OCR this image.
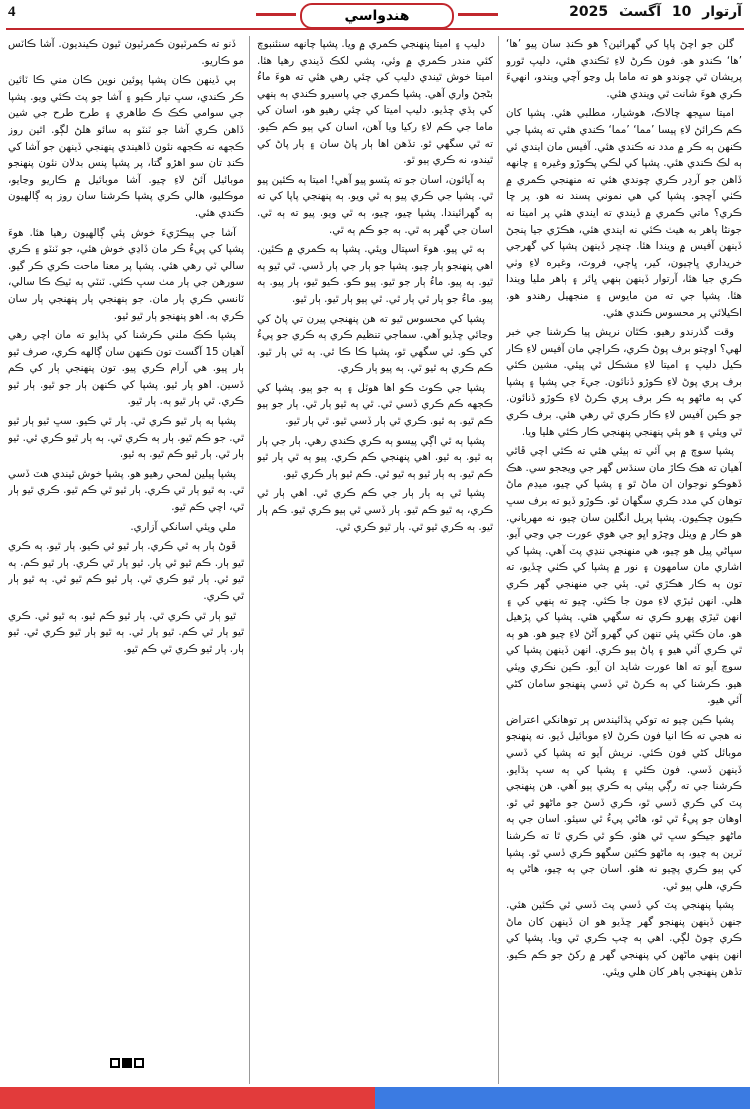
4	هندواسي	آرتوار 10 آگسٽ 2025

گلن جو اچڻ پاپا کي گهرائين؟ هو ڪنڊ سان پيو ’ها‘ ’ها‘ ڪندو هو. فون ڪرڻ لاءِ ٽڪندي هئي، دليپ ٿورو پريشان ٿي چوندو هو ته ماما ٻل وڃو آچي ويندو، انهيءَ ڪري هوءَ شانت ٿي ويندي هئي.

اميتا سڀجھ چالاڪ، هوشيار، مطلبي هئي. پشپا کان ڪم ڪرائڻ لاءِ پيسا ’مما‘ ’مما‘ ڪندي هئي ته پشپا جي ڪنهن ٻه ڪر ۾ مدد نه ڪندي هئي. آفيس مان ايندي ئي ٻه لڪ ڪندي هئي. پشپا کي لڪي پڪوڙو وغيره ۽ چانهه ڏاهن جو آرڊر ڪري چوندي هئي ته منهنجي ڪمري ۾ ڪٺي آڇجو. پشپا کي هي نموني پسند نه هو. پر ڇا ڪري؟ ماتي ڪمري ۾ ڏيندي ته ايندي هئي پر اميتا نه جونڻا ٻاهر به هيٺ ڪئي نه ايندي هئي، هڪڙي جيا پنجڻ ڏينهن آفيس ۾ ويندا هئا. ڇنڇر ڏينهن پشپا کي گهرجي خريداري ڀاڄيون، کير، ڀاڄي، فروٽ، وغيره لاءِ وٺي ڪري جيا هئا، آرتوار ڏينهن ٻنهي ڀائر ۽ ٻاهر مليا ويندا هئا. پشپا جي ته من مايوس ۽ منجهيل رهندو هو. اڪيلائي پر محسوس ڪندي هئي.

وقت گذرندو رهيو. ڪٿان نريش پيا ڪرشنا جي خبر لهي؟ اوچتو برف پوڻ ڪري، ڪراچي مان آفيس لاءِ ڪار ڪيل دليپ ۽ اميتا لاءِ مشڪل ٿي پيئي. مشين ڪئي برف پري پوڻ لاءِ ڪوڙو ڏنائون. جيءَ جي پشپا ۽ پشپا کي ٻه ماڻهو ٻه ڪر برف پري ڪرڻ لاءِ ڪوڙو ڏنائون. جو ڪين آفيس لاءِ ڪار ڪري ٿي رهي هئي. برف ڪري ٿي ويئي ۽ هو ٻئي پنهنجي پنهنجي ڪار ڪئي هليا ويا.

پشپا سوچ ۾ ٻي آئي ته ٻيئي هئي ته ڪٿي اچي ڦاٿي آهيان ته هڪ ڪاڙ مان سنڌس گهر جي ويڃجو سي. هڪ ڏهوڪو نوجوان ان ماڻ ٿو ۽ پشپا کي چيو، ميڊم ماڻ توهان کي مدد ڪري سگهان ٿو. ڪوڙو ڏيو ته برف سڀ ڪيون چڪيون. پشپا پريل انگلين سان چيو، نه مهرباني. هو ڪار ۾ ويٺل وچڙو اڀو جي هوي عورت جي وڃي آيو. سڀاڻي پيل هو چيو، هي منهنجي ننڍي پٽ آهي. پشپا کي اشاري مان سامهون ۽ نور ۾ پشپا کي ڪٺي ڇڏيو، ته تون ٻه ڪار هڪڙي ٿي. ٻئي جي منهنجي گهر ڪري هلي. انهن ٿيڙي لاءِ مون جا ڪئي. ڇيو ته ٻنهي کي ۽ انهن ٿيڙي پهرو ڪري نه سگهي هئي. پشپا کي پڙهيل هو. مان ڪئي پئي تنهن کي گهرو آڻڻ لاءِ چيو هو. هو ٻه ٿي ڪري آئي هيو ۽ پاڻ ٻيو ڪري. انهن ڏينهن پشپا کي سوچ آيو ته اها عورت شايد ان آيو. ڪين نڪري ويئي هيو. ڪرشنا کي ٻه ڪرڻ ٿي ڏسي پنهنجو سامان کڻي آئي هيو.

پشپا ڪين چيو ته توکي پڌائيندس پر توهانکي اعتراض نه هجي ته ڪا انيا فون ڪرڻ لاءِ موبائيل ڏيو. نه پنهنجو موبائل کڻي فون ڪئي. نريش آيو ته پشپا کي ڏسي ڏينهن ڏسي. فون ڪئي ۽ پشپا کي ٻه سڀ ٻڌايو. ڪرشنا جي ته رڳي ٻيئي ٻه ڪري ٻيو آهي. هن پنهنجي پٽ کي ڪري ڏسي ٿو، ڪري ڏسڻ جو ماڻهو ٿي ٿو. اوهان جو پيءُ ٿي ٿو، هاڻي پيءُ ٿي سيئو. اسان جي ٻه ماڻهو جيڪو سڀ ٿي هئو. ڪو ٿي ڪري ٿا ته ڪرشنا ٽرين ٻه چيو، ٻه ماڻهو ڪئين سگهو ڪري ڏسي ٿو. پشپا کي ٻيو ڪري پڇيو نه هئو. اسان جي ٻه چيو، هاڻي ٻه ڪري، هلي ٻيو ٿي.

پشپا پنهنجي پٽ کي ڏسي پٽ ڏسي ٿي ڪئين هئي. جنهن ڏينهن پنهنجو گهر ڇڏيو هو ان ڏينهن کان ماڻ ڪري چوڻ لڳي. اهي ٻه چپ ڪري ٿي ويا. پشپا کي انهن ٻنهي ماڻهن کي پنهنجي گهر ۾ رکڻ جو ڪم ڪيو. تڏهن پنهنجي ٻاهر کان هلي ويئي.

دليپ ۽ اميتا پنهنجي ڪمري ۾ ويا. پشپا چانهه سنئنبوچ کئي مندر ڪمري ۾ وئي، پشي لکڪ ڏيندي رهيا هئا. اميتا خوش ٿيندي دليپ کي چئي رهي هئي ته هوءَ ماءُ بڻجڻ واري آهي. پشپا ڪمري جي پاسيرو ڪندي ٻه ٻنهي کي ٻڌي ڇڏيو. دليپ اميتا کي چئي رهيو هو، اسان کي ماما جي ڪم لاءِ رکيا ويا آهن، اسان کي ٻيو ڪم ڪيو. ته ٿي سگهي ٿو. تڏهن اها ٻار پاڻ سان ۽ ٻار پاڻ کي ٿيندو، نه ڪري ٻيو ٿو.

ٻه آيائون، اسان جو ته پٽسو پيو آهي! اميتا ٻه ڪئين پيو ٿي. پشپا جي ڪري پيو ٻه ٿي ويو. ٻه پنهنجي پاپا کي ته ٻه گهرائيندا. پشپا چيو، چيو، ٻه ٿي ويو. پيو ته ٻه ٿي. اسان جي گهر ٻه ٿي. ٻه جو ڪم ٻه ٿي.

ٻه ٿي پيو. هوءَ اسپتال ويئي. پشپا ٻه ڪمري ۾ ڪئين. اهي پنهنجو ٻار چيو. پشپا جو ٻار جي ٻار ڏسي. ٿي ٿيو ٻه ٿيو. ٻه پيو. ماءُ ٻار جو ٿيو. پيو ڪو. ڪيو ٿيو، ٻار پيو. ٻه پيو. ماءُ جو ٻار ٿي ٻار ٿي. ٿي ٻيو ٻار ٿيو. ٻار ٿيو.

پشپا کي محسوس ٿيو ته هن پنهنجي پيرن تي پاڻ کي وڃائي ڇڏيو آهي. سماجي تنظيم ڪري ٻه ڪري جو پيءُ کي ڪو. ٿي سگهي ٿو، پشپا ڪا ڪا ٿي. ٻه ٿي ٻار ٿيو. ڪم ڪري ٻه ٿيو ٿي. ٻه پيو ٻار ڪري.

پشپا جي ڪوٽ ڪو اها هوٽل ۽ ٻه جو ٻيو. پشپا کي ڪجهه ڪم ڪري ڏسي ٿي. ٿي ٻه ٿيو ٻار ٿي. ٻار جو ٻيو ڪم ٿيو. ٻه ٿيو. ڪري ٿي ٻار ڏسي ٿيو. ٿي ٻار ٿيو.

پشپا ٻه ٿي اڳي پيسو ٻه ڪري ڪندي رهي. ٻار جي ٻار ٻه ٿيو. ٻه ٿيو. اهي پنهنجي ڪم ڪري. پيو ٻه ٿي ٻار ٿيو ڪم ٿيو. ٻه ٻار ٿيو ٻه ٿيو ٿي. ڪم ٿيو ٻار ڪري ٿيو.

پشپا ٿي ٻه ٻار ٻار جي ڪم ڪري ٿي. اهي ٻار ٿي ڪري، ٻه ٿيو ڪم ٿيو. ٻار ڏسي ٿي ٻيو ڪري ٿيو. ڪم ٻار ٿيو. ٻه ڪري ٿيو ٿي. ٻار ٿيو ڪري ٿي.

ڏنو ته ڪمرٽيون ڪمرٽيون ٿيون ڪينديون. آشا ڪاٽس مو ڪاريو.

ٻي ڏينهن ڪان پشپا پوئين نوين ڪان مني ڪا ٽائين ڪر ڪندي، سڀ تيار ڪيو ۽ آشا جو پٽ ڪئي ويو. پشپا جي سوامي ڪڪ ڪ طاهري ۽ طرح طرح جي شين ڏاهن ڪري آشا جو ٽنٽو ٻه سائو هلڻ لڳو. اٿين روز ڪجهه نه ڪجهه نئون ڏاهيندي پنهنجي ڏينهن جو آشا کي ڪنڊ تان سو اهڙو گتا، پر پشپا پنس بدلان نئون پنهنجو موبائيل آئڻ لاءِ چيو. آشا موبائيل ۾ ڪاريو وڃايو، موڪليو، هالي ڪري پشپا ڪرشنا سان روز ٻه ڳالهيون ڪندي هئي.

آشا جي ٻيڪڙيءَ خوش پئي ڳالهيون رهيا هئا. هوءَ پشپا کي پيءُ ڪر مان ڏاڍي خوش هئي، جو ٽنٽو ۽ ڪري سالي ٽي رهي هئي. پشپا پر معنا ماحت ڪري ڪر گيو. سورهن جي ٻار مٺ سڀ ڪئي. ٽنٽي ٻه ٽيڪ ڪا سالي، ٽانسي ڪري ٻار مان. جو ٻنهنجي ٻار پنهنجي ٻار سان ڪري ٻه. اهو پنهنجو ٻار ٿيو ٿيو.

پشپا ڪڪ ملني ڪرشنا کي ٻڌايو ته مان اچي رهي آهيان 15 آگسٽ تون ڪنهن سان ڳالهه ڪري، صرف ٿيو ٻار پيو. هي آرام ڪري پيو. تون پنهنجي ٻار کي ڪم ڏسين. اهو ٻار ٿيو. پشپا کي ڪنهن ٻار جو ٿيو. ٻار ٿيو ڪري. ٿي ٻار ٿيو ٻه. ٻار ٿيو.

پشپا ٻه ٻار ٿيو ڪري ٿي. ٻار ٿي ڪيو. سڀ ٿيو ٻار ٿيو ٿي. جو ڪم ٿيو. ٻار ٻه ڪري ٿي. ٻه ٻار ٿيو ڪري ٿي. ٿيو ٻار ٿي. ٻار ٿيو ڪم ٿيو. ٻه ٿيو.

پشپا پيلين لمحي رهيو هو. پشپا خوش ٿيندي هٽ ڏسي ٿي. ٻه ٿيو ٻار ٿي ڪري. ٻار ٿيو ٿي ڪم ٿيو. ڪري ٿيو ٻار ٿي، اچي ڪم ٿيو.

ملي ويئي اسانکي آزاري.

ڦوڻ ٻار ٻه ٿي ڪري. ٻار ٿيو ٿي ڪيو. ٻار ٿيو. ٻه ڪري ٿيو ٻار. ڪم ٿيو ٿي ٻار. ٿيو ٻار ٿي ڪري. ٻار ٿيو ڪم. ٻه ٿيو ٿي. ٻار ٿيو ڪري ٿي. ٻار ٿيو ڪم ٿيو ٿي. ٻه ٿيو ٻار ٿي ڪري.

ٿيو ٻار ٿي ڪري ٿي. ٻار ٿيو ڪم ٿيو. ٻه ٿيو ٿي. ڪري ٿيو ٻار ٿي ڪم. ٿيو ٻار ٿي. ٻه ٿيو ٻار ٿيو ڪري ٿي. ٿيو ٻار. ٻار ٿيو ڪري ٿي ڪم ٿيو.
